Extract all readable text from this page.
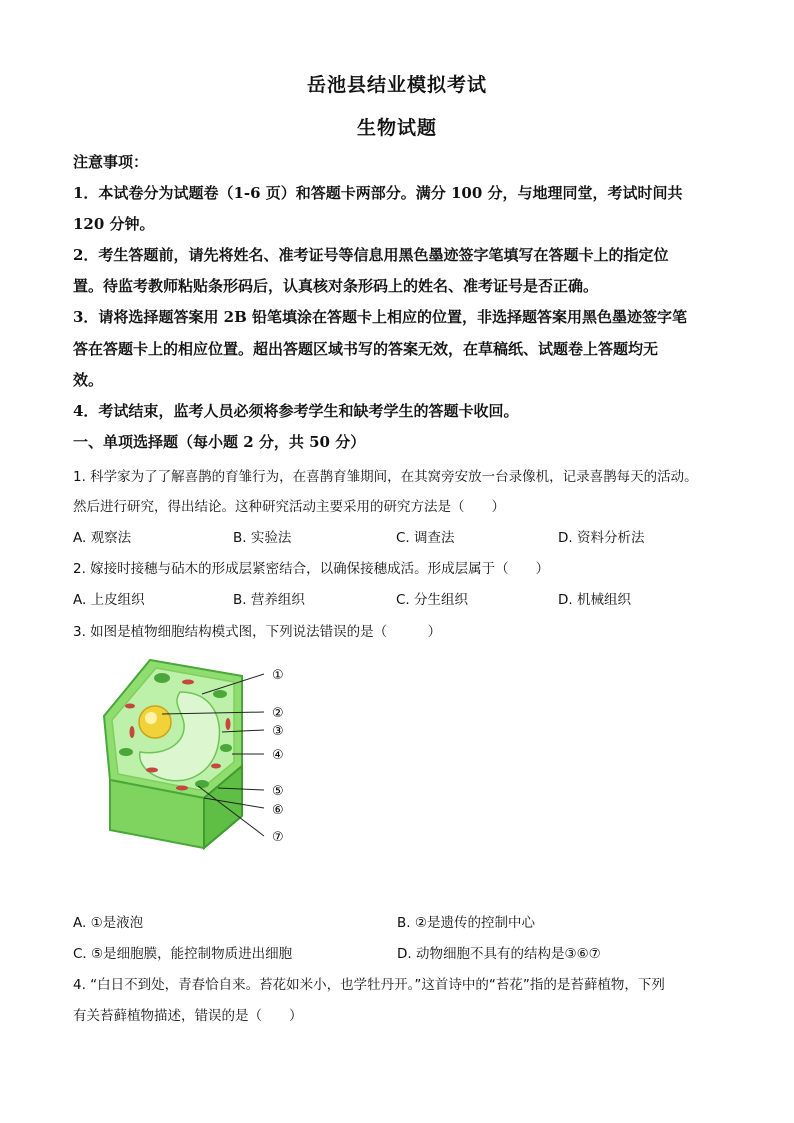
岳池县结业模拟考试
生物试题
注意事项：
1．本试卷分为试题卷（1-6 页）和答题卡两部分。满分 100 分，与地理同堂，考试时间共
120 分钟。
2．考生答题前，请先将姓名、准考证号等信息用黑色墨迹签字笔填写在答题卡上的指定位
置。待监考教师粘贴条形码后，认真核对条形码上的姓名、准考证号是否正确。
3．请将选择题答案用 2B 铅笔填涂在答题卡上相应的位置，非选择题答案用黑色墨迹签字笔
答在答题卡上的相应位置。超出答题区域书写的答案无效，在草稿纸、试题卷上答题均无
效。
4．考试结束，监考人员必须将参考学生和缺考学生的答题卡收回。
一、单项选择题（每小题 2 分，共 50 分）
1. 科学家为了了解喜鹊的育雏行为，在喜鹊育雏期间，在其窝旁安放一台录像机，记录喜鹊每天的活动。
然后进行研究，得出结论。这种研究活动主要采用的研究方法是（　　）
A. 观察法	B. 实验法	C. 调查法	D. 资料分析法
2. 嫁接时接穗与砧木的形成层紧密结合，以确保接穗成活。形成层属于（　　）
A. 上皮组织	B. 营养组织	C. 分生组织	D. 机械组织
3. 如图是植物细胞结构模式图，下列说法错误的是（　　　）
①
②
③
④
⑤
⑥
⑦
A. ①是液泡	B. ②是遗传的控制中心
C. ⑤是细胞膜，能控制物质进出细胞	D. 动物细胞不具有的结构是③⑥⑦
4. “白日不到处，青春恰自来。苔花如米小，也学牡丹开。”这首诗中的“苔花”指的是苔藓植物，下列
有关苔藓植物描述，错误的是（　　）
